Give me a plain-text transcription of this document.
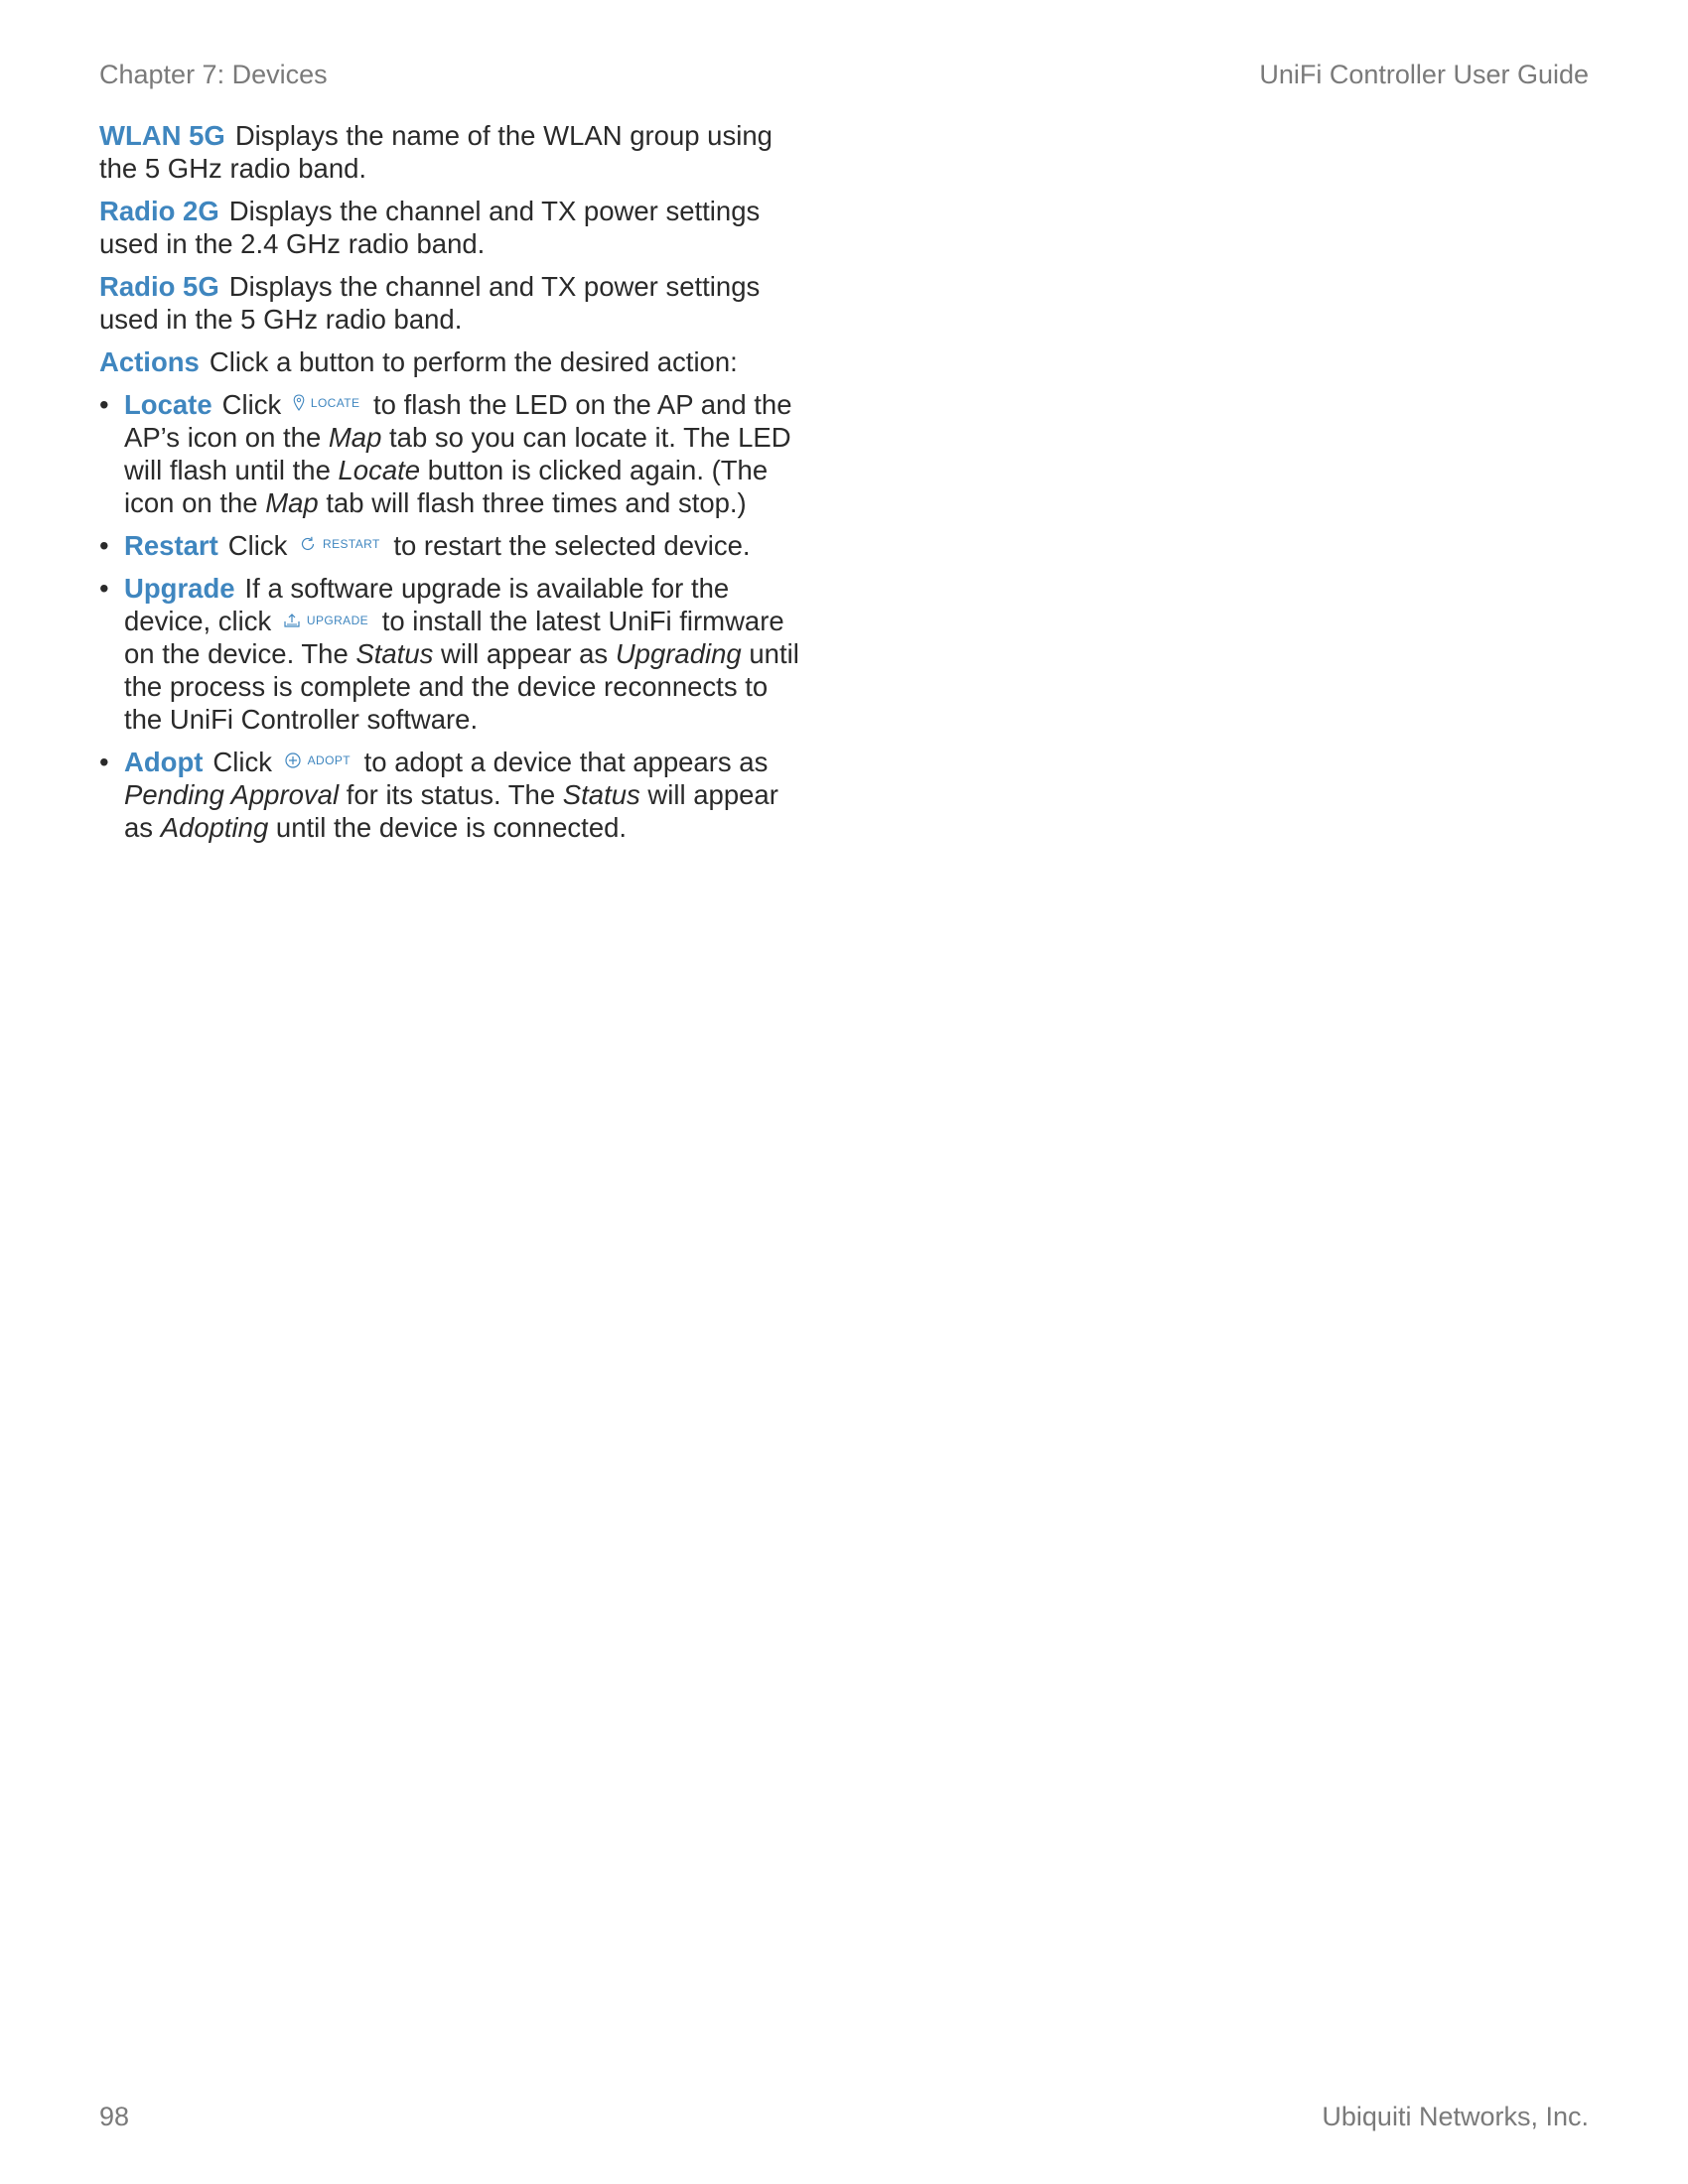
Chapter 7: Devices	UniFi Controller User Guide

WLAN 5G Displays the name of the WLAN group using the 5 GHz radio band.

Radio 2G Displays the channel and TX power settings used in the 2.4 GHz radio band.

Radio 5G Displays the channel and TX power settings used in the 5 GHz radio band.

Actions Click a button to perform the desired action:

• Locate Click LOCATE to flash the LED on the AP and the AP’s icon on the Map tab so you can locate it. The LED will flash until the Locate button is clicked again. (The icon on the Map tab will flash three times and stop.)
• Restart Click	RESTART to restart the selected device.
• Upgrade If a software upgrade is available for the device, click	UPGRADE to install the latest UniFi firmware on the device. The Status will appear as Upgrading until the process is complete and the device reconnects to the UniFi Controller software.
• Adopt Click	ADOPT to adopt a device that appears as Pending Approval for its status. The Status will appear as Adopting until the device is connected.
98	Ubiquiti Networks, Inc.
